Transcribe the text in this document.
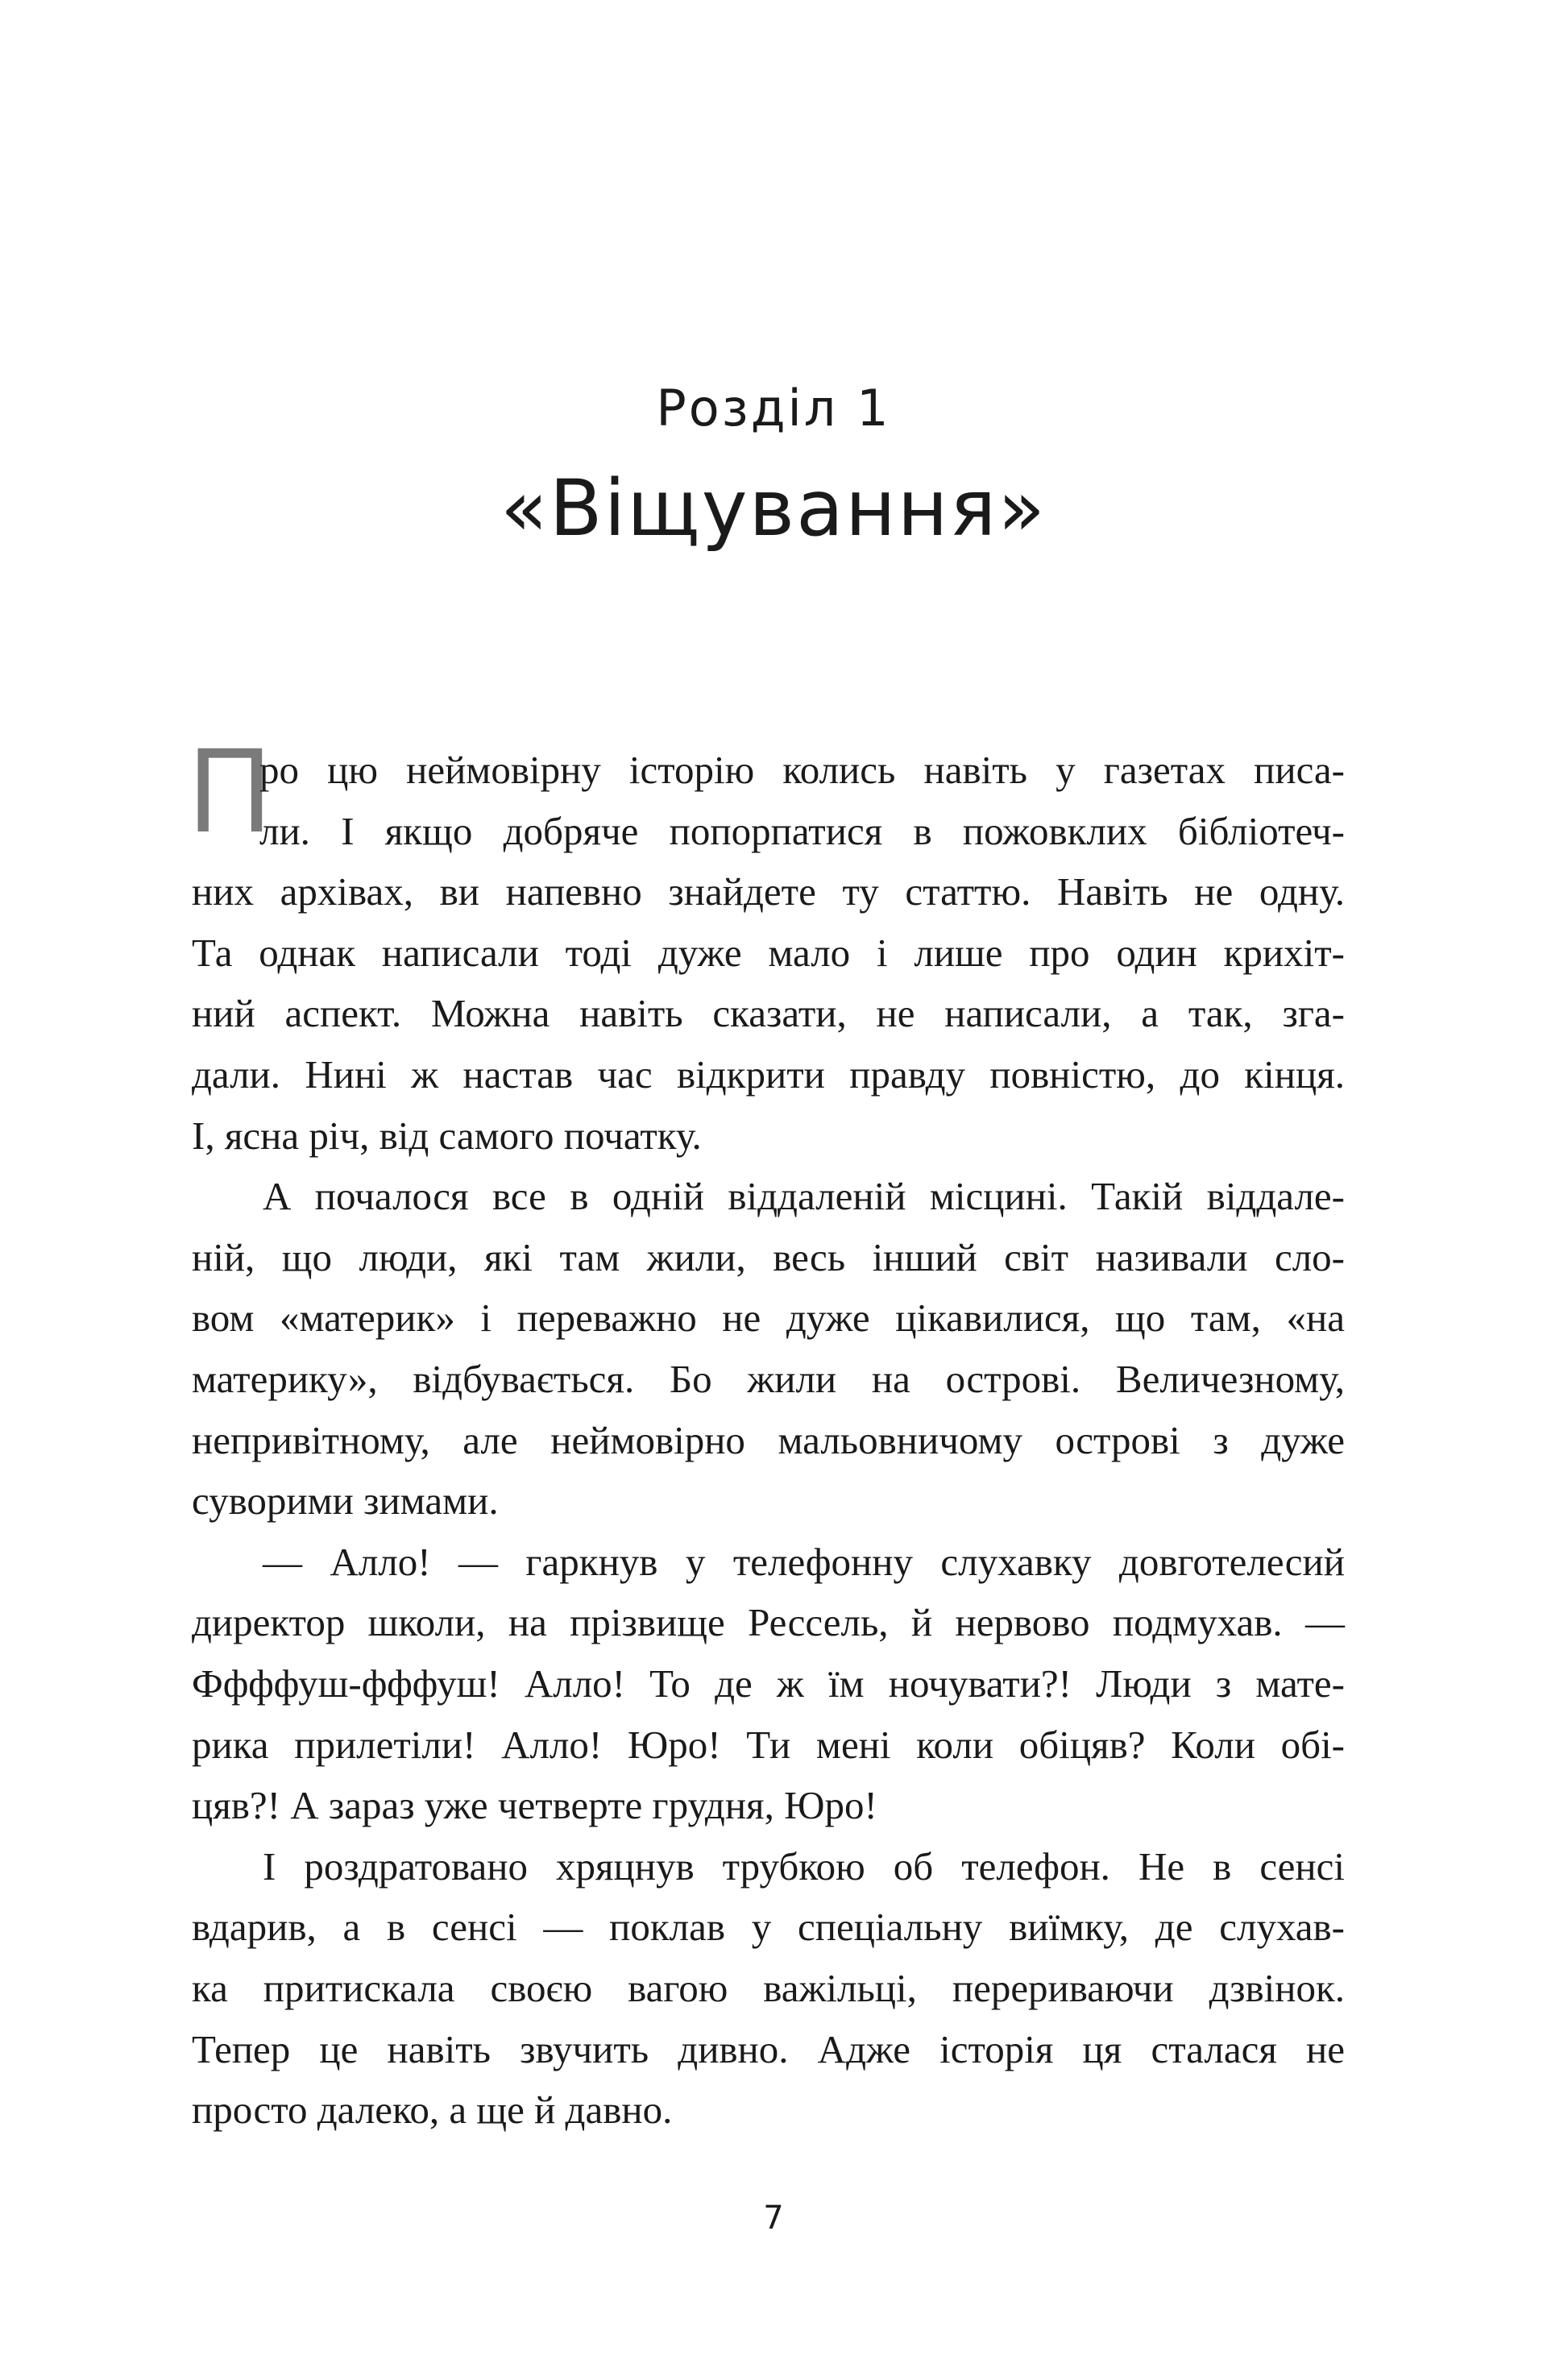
Розділ 1
«Віщування»
П
ро цю неймовірну історію колись навіть у газетах писа-
ли. І якщо добряче попорпатися в пожовклих бібліотеч-
них архівах, ви напевно знайдете ту статтю. Навіть не одну.
Та однак написали тоді дуже мало і лише про один крихіт-
ний аспект. Можна навіть сказати, не написали, а так, зга-
дали. Нині ж настав час відкрити правду повністю, до кінця.
І, ясна річ, від самого початку.
А почалося все в одній віддаленій місцині. Такій віддале-
ній, що люди, які там жили, весь інший світ називали сло-
вом «материк» і переважно не дуже цікавилися, що там, «на
материку», відбувається. Бо жили на острові. Величезному,
непривітному, але неймовірно мальовничому острові з дуже
суворими зимами.
— Алло! — гаркнув у телефонну слухавку довготелесий
директор школи, на прізвище Рессель, й нервово подмухав. —
Ффффуш-фффуш! Алло! То де ж їм ночувати?! Люди з мате-
рика прилетіли! Алло! Юро! Ти мені коли обіцяв? Коли обі-
цяв?! А зараз уже четверте грудня, Юро!
І роздратовано хряцнув трубкою об телефон. Не в сенсі
вдарив, а в сенсі — поклав у спеціальну виїмку, де слухав-
ка притискала своєю вагою важільці, перериваючи дзвінок.
Тепер це навіть звучить дивно. Адже історія ця сталася не
просто далеко, а ще й давно.
7
